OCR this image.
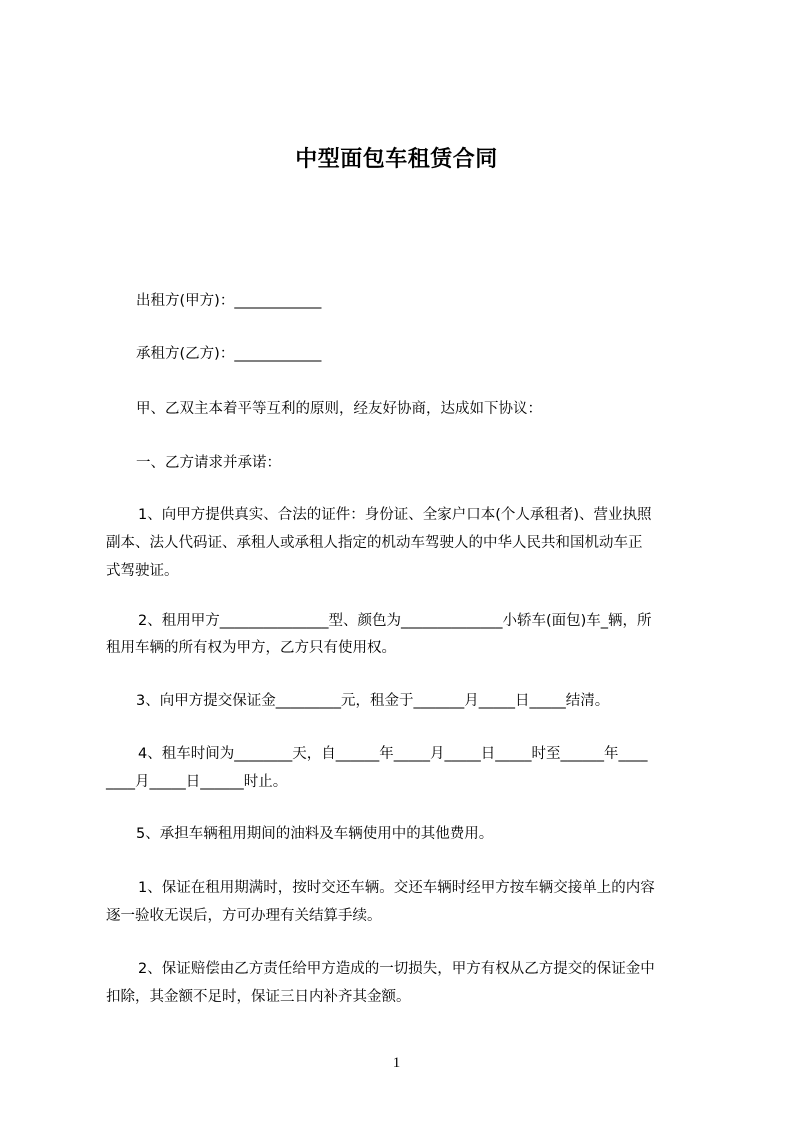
中型面包车租赁合同
出租方(甲方)：____________
承租方(乙方)：____________
甲、乙双主本着平等互利的原则，经友好协商，达成如下协议：
一、乙方请求并承诺：
1、向甲方提供真实、合法的证件：身份证、全家户口本(个人承租者)、营业执照
副本、法人代码证、承租人或承租人指定的机动车驾驶人的中华人民共和国机动车正
式驾驶证。
2、租用甲方_______________型、颜色为______________小轿车(面包)车_辆，所
租用车辆的所有权为甲方，乙方只有使用权。
3、向甲方提交保证金_________元，租金于_______月_____日_____结清。
4、租车时间为________天，自______年_____月_____日_____时至______年____
____月_____日______时止。
5、承担车辆租用期间的油料及车辆使用中的其他费用。
1、保证在租用期满时，按时交还车辆。交还车辆时经甲方按车辆交接单上的内容
逐一验收无误后，方可办理有关结算手续。
2、保证赔偿由乙方责任给甲方造成的一切损失，甲方有权从乙方提交的保证金中
扣除，其金额不足时，保证三日内补齐其金额。
1
